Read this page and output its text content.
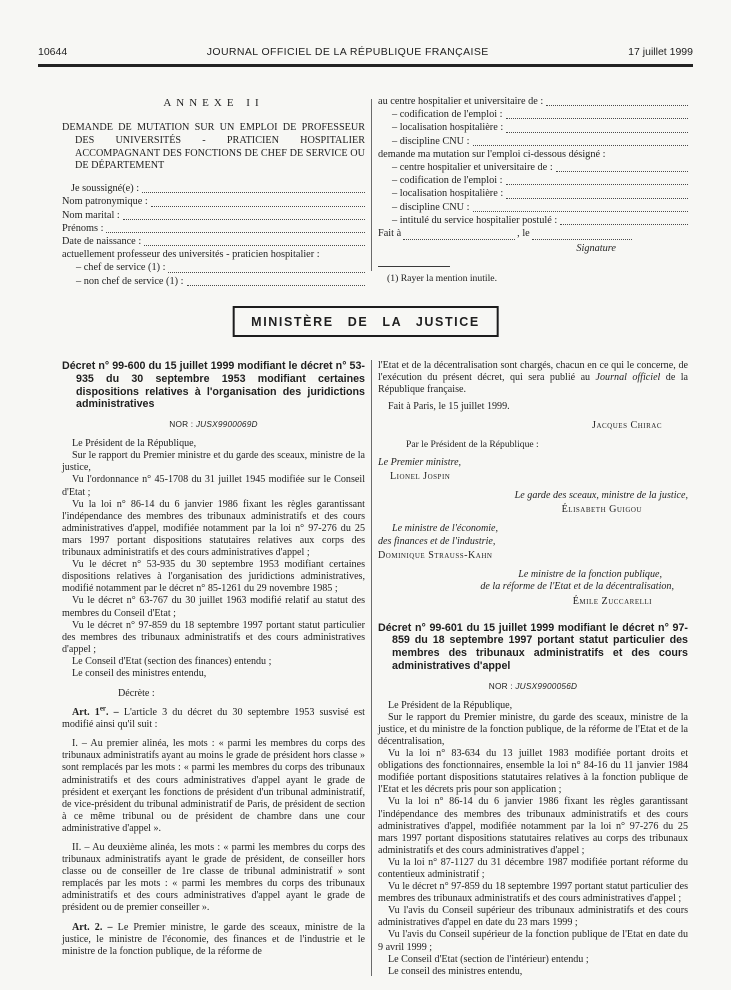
10644	JOURNAL OFFICIEL DE LA RÉPUBLIQUE FRANÇAISE	17 juillet 1999
ANNEXE II

DEMANDE DE MUTATION SUR UN EMPLOI DE PROFESSEUR DES UNIVERSITÉS - PRATICIEN HOSPITALIER ACCOMPAGNANT DES FONCTIONS DE CHEF DE SERVICE OU DE DÉPARTEMENT

Je soussigné(e) :
Nom patronymique :
Nom marital :
Prénoms :
Date de naissance :

actuellement professeur des universités - praticien hospitalier :

– chef de service (1) :
– non chef de service (1) :
au centre hospitalier et universitaire de :
– codification de l'emploi :
– localisation hospitalière :
– discipline CNU :

demande ma mutation sur l'emploi ci-dessous désigné :

– centre hospitalier et universitaire de :
– codification de l'emploi :
– localisation hospitalière :
– discipline CNU :
– intitulé du service hospitalier postulé :
Fait à	, le
Signature

(1) Rayer la mention inutile.

MINISTÈRE DE LA JUSTICE

Décret n° 99-600 du 15 juillet 1999 modifiant le décret n° 53-935 du 30 septembre 1953 modifiant certaines dispositions relatives à l'organisation des juridictions administratives

NOR : JUSX9900069D

Le Président de la République,

Sur le rapport du Premier ministre et du garde des sceaux, ministre de la justice,

Vu l'ordonnance n° 45-1708 du 31 juillet 1945 modifiée sur le Conseil d'Etat ;

Vu la loi n° 86-14 du 6 janvier 1986 fixant les règles garantissant l'indépendance des membres des tribunaux administratifs et des cours administratives d'appel, modifiée notamment par la loi n° 97-276 du 25 mars 1997 portant dispositions statutaires relatives aux corps des tribunaux administratifs et des cours administratives d'appel ;

Vu le décret n° 53-935 du 30 septembre 1953 modifiant certaines dispositions relatives à l'organisation des juridictions administratives, modifié notamment par le décret n° 85-1261 du 29 novembre 1985 ;

Vu le décret n° 63-767 du 30 juillet 1963 modifié relatif au statut des membres du Conseil d'Etat ;

Vu le décret n° 97-859 du 18 septembre 1997 portant statut particulier des membres des tribunaux administratifs et des cours administratives d'appel ;

Le Conseil d'Etat (section des finances) entendu ;

Le conseil des ministres entendu,

Décrète :

Art. 1er. – L'article 3 du décret du 30 septembre 1953 susvisé est modifié ainsi qu'il suit :

I. – Au premier alinéa, les mots : « parmi les membres du corps des tribunaux administratifs ayant au moins le grade de président hors classe » sont remplacés par les mots : « parmi les membres du corps des tribunaux administratifs et des cours administratives d'appel ayant le grade de président et exerçant les fonctions de président d'un tribunal administratif, de vice-président du tribunal administratif de Paris, de président de section à ce même tribunal ou de président de chambre dans une cour administrative d'appel ».

II. – Au deuxième alinéa, les mots : « parmi les membres du corps des tribunaux administratifs ayant le grade de président, de conseiller hors classe ou de conseiller de 1re classe de tribunal administratif » sont remplacés par les mots : « parmi les membres du corps des tribunaux administratifs et des cours administratives d'appel ayant le grade de président ou de premier conseiller ».

Art. 2. – Le Premier ministre, le garde des sceaux, ministre de la justice, le ministre de l'économie, des finances et de l'industrie et le ministre de la fonction publique, de la réforme de

l'Etat et de la décentralisation sont chargés, chacun en ce qui le concerne, de l'exécution du présent décret, qui sera publié au Journal officiel de la République française.

Fait à Paris, le 15 juillet 1999.

Jacques Chirac
Par le Président de la République :
Le Premier ministre,
Lionel Jospin
Le garde des sceaux, ministre de la justice,
Élisabeth Guigou
Le ministre de l'économie,
des finances et de l'industrie,
Dominique Strauss-Kahn
Le ministre de la fonction publique,
de la réforme de l'Etat et de la décentralisation,
Émile Zuccarelli

Décret n° 99-601 du 15 juillet 1999 modifiant le décret n° 97-859 du 18 septembre 1997 portant statut particulier des membres des tribunaux administratifs et des cours administratives d'appel

NOR : JUSX9900056D

Le Président de la République,

Sur le rapport du Premier ministre, du garde des sceaux, ministre de la justice, et du ministre de la fonction publique, de la réforme de l'Etat et de la décentralisation,

Vu la loi n° 83-634 du 13 juillet 1983 modifiée portant droits et obligations des fonctionnaires, ensemble la loi n° 84-16 du 11 janvier 1984 modifiée portant dispositions statutaires relatives à la fonction publique de l'Etat et les décrets pris pour son application ;

Vu la loi n° 86-14 du 6 janvier 1986 fixant les règles garantissant l'indépendance des membres des tribunaux administratifs et des cours administratives d'appel, modifiée notamment par la loi n° 97-276 du 25 mars 1997 portant dispositions statutaires relatives au corps des tribunaux administratifs et des cours administratives d'appel ;

Vu la loi n° 87-1127 du 31 décembre 1987 modifiée portant réforme du contentieux administratif ;

Vu le décret n° 97-859 du 18 septembre 1997 portant statut particulier des membres des tribunaux administratifs et des cours administratives d'appel ;

Vu l'avis du Conseil supérieur des tribunaux administratifs et des cours administratives d'appel en date du 23 mars 1999 ;

Vu l'avis du Conseil supérieur de la fonction publique de l'Etat en date du 9 avril 1999 ;

Le Conseil d'Etat (section de l'intérieur) entendu ;

Le conseil des ministres entendu,
